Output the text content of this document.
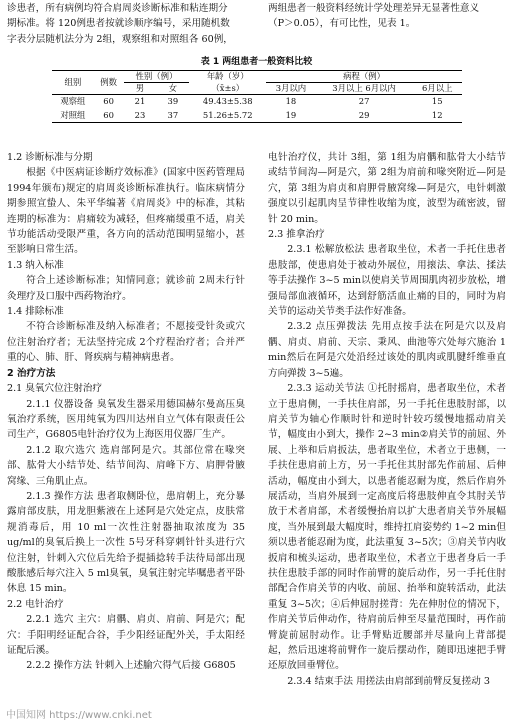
诊患者，所有病例均符合肩周炎诊断标准和粘连期分
期标准。将 120例患者按就诊顺序编号，采用随机数
字表分层随机法分为 2组，观察组和对照组各 60例，
两组患者一般资料经统计学处理差异无显著性意义
（P＞0.05），有可比性，见表 1。
表 1 两组患者一般资料比较
组别	例数	性别（例）		年龄（岁）	病程（例）		
		男	女	（x̄±s）	3月以内	3月以上 6月以内	6月以上
观察组	60	21	39	49.43±5.38	18	27	15
对照组	60	23	37	51.26±5.72	19	29	12

1.2 诊断标准与分期

根据《中医病证诊断疗效标准》(国家中医药管理局 1994年颁布)规定的肩周炎诊断标准执行。临床病情分期参照宣蛰人、朱平华编著《肩周炎》中的标准，其粘连期的标准为：肩痛较为减轻，但疼痛缓重不适，肩关节功能活动受限严重，各方向的活动范围明显缩小，甚至影响日常生活。

1.3 纳入标准

符合上述诊断标准；知情同意；就诊前 2周未行针灸理疗及口服中西药物治疗。

1.4 排除标准

不符合诊断标准及纳入标准者；不愿接受针灸或穴位注射治疗者；无法坚持完成 2个疗程治疗者；合并严重的心、肺、肝、肾疾病与精神病患者。

2 治疗方法

2.1 臭氧穴位注射治疗

2.1.1 仪器设备 臭氧发生器采用德国赫尔曼高压臭氧治疗系统，医用纯氧为四川达州自立气体有限责任公司生产，G6805电针治疗仪为上海医用仪器厂生产。

2.1.2 取穴选穴 选肩部阿是穴。其部位常在喙突部、肱骨大小结节处、结节间沟、肩峰下方、肩胛骨腋窝缘、三角肌止点。

2.1.3 操作方法 患者取侧卧位，患肩朝上，充分暴露肩部皮肤，用龙胆紫液在上述阿是穴处定点，皮肤常规消毒后，用 10 ml一次性注射器抽取浓度为 35 ug/ml的臭氧后换上一次性 5号牙科穿刺针针头进行穴位注射，针刺入穴位后先给予提插捻转手法待局部出现酸胀感后每穴注入 5 ml臭氧，臭氧注射完毕嘱患者平卧休息 15 min。

2.2 电针治疗

2.2.1 选穴 主穴：肩髃、肩贞、肩前、阿是穴；配穴：手阳明经证配合谷，手少阳经证配外关，手太阳经证配后溪。

2.2.2 操作方法 针刺入上述腧穴得气后接 G6805

电针治疗仪，共计 3组，第 1组为肩髃和肱骨大小结节或结节间沟—阿是穴，第 2组为肩前和喙突附近—阿是穴，第 3组为肩贞和肩胛骨腋窝缘—阿是穴，电针刺激强度以引起肌肉呈节律性收缩为度，波型为疏密波，留针 20 min。

2.3 推拿治疗

2.3.1 松解放松法 患者取坐位，术者一手托住患者患肢部，使患肩处于被动外展位，用㨰法、拿法、揉法等手法操作 3~5 min以使肩关节周围肌肉初步放松，增强局部血液循环，达到舒筋活血止痛的目的，同时为肩关节的运动关节类手法作好准备。

2.3.2 点压弹拨法 先用点按手法在阿是穴以及肩髃、肩贞、肩前、天宗、秉风、曲池等穴处每穴施治 1 min然后在阿是穴处沿经过该处的肌肉或肌腱纤维垂直方向弹拨 3~5遍。

2.3.3 运动关节法 ①托肘摇肩，患者取坐位，术者立于患肩侧，一手扶住肩部，另一手托住患肢肘部，以肩关节为轴心作顺时针和逆时针较巧缓慢地摇动肩关节，幅度由小到大，操作 2~3 min②肩关节的前屈、外展、上举和后肩扳法，患者取坐位，术者立于患侧，一手扶住患肩前上方，另一手托住其肘部先作前屈、后伸活动，幅度由小到大，以患者能忍耐为度，然后作肩外展活动，当肩外展到一定高度后将患肢伸直令其肘关节放于术者肩部，术者缓慢抬肩以扩大患者肩关节外展幅度，当外展到最大幅度时，维持扛肩姿势约 1~2 min但须以患者能忍耐为度，此法重复 3~5次；③肩关节内收扳肩和梳头运动，患者取坐位，术者立于患者身后一手扶住患肢手部的同时作前臂的旋后动作，另一手托住肘部配合作肩关节的内收、前屈、抬举和旋转活动，此法重复 3~5次；④后伸屈肘搓背：先在伸肘位的情况下，作肩关节后伸动作，待肩前后伸至尽量范围时，再作前臂旋前屈肘动作。让手臂贴近腰部并尽量向上背部提起，然后迅速将前臂作一旋后摆动作，随即迅速把手臂还原放回垂臂位。

2.3.4 结束手法 用搓法由肩部到前臂反复搓动 3

中国知网 https://www.cnki.net
